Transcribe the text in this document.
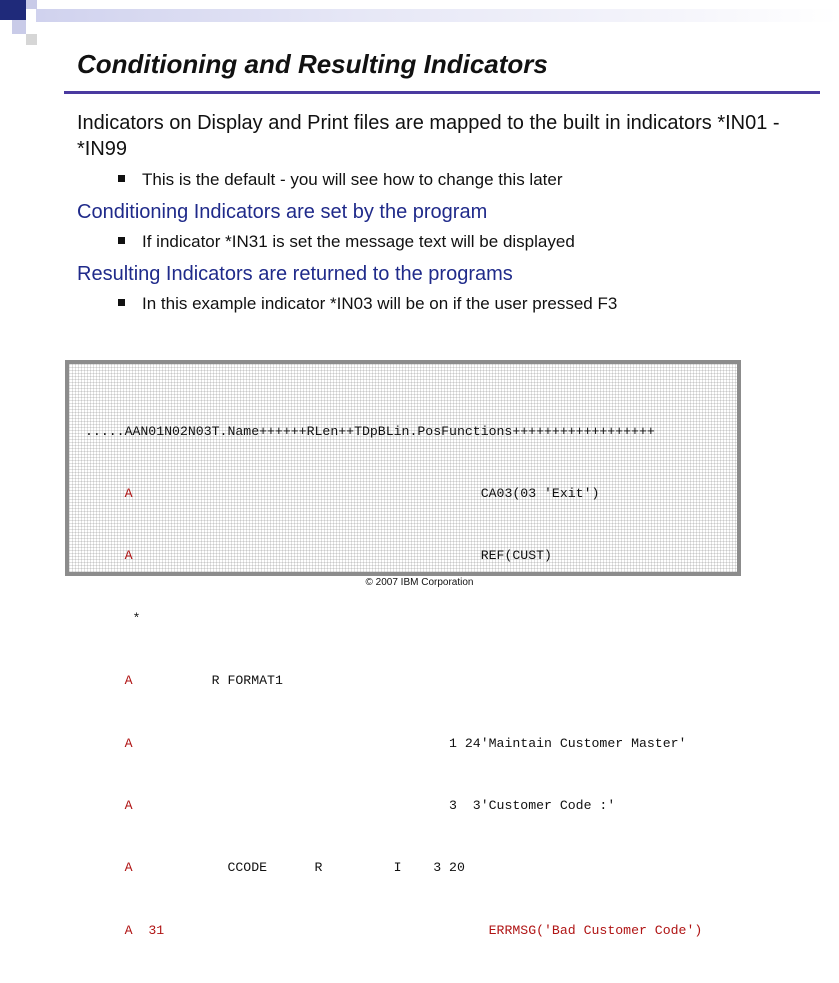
Conditioning and Resulting Indicators
Indicators on Display and Print files are mapped to the built in indicators *IN01 - *IN99
This is the default - you will see how to change this later
Conditioning Indicators are set by the program
If indicator *IN31 is set the message text will be displayed
Resulting Indicators are returned to the programs
In this example indicator *IN03 will be on if the user pressed F3

.....AAN01N02N03T.Name++++++RLen++TDpBLin.PosFunctions++++++++++++++++++

A                                            CA03(03 'Exit')

A                                            REF(CUST)

*

A          R FORMAT1

A                                        1 24'Maintain Customer Master'

A                                        3  3'Customer Code :'

A            CCODE      R         I    3 20

A 31                                         ERRMSG('Bad Customer Code')

© 2007 IBM Corporation
